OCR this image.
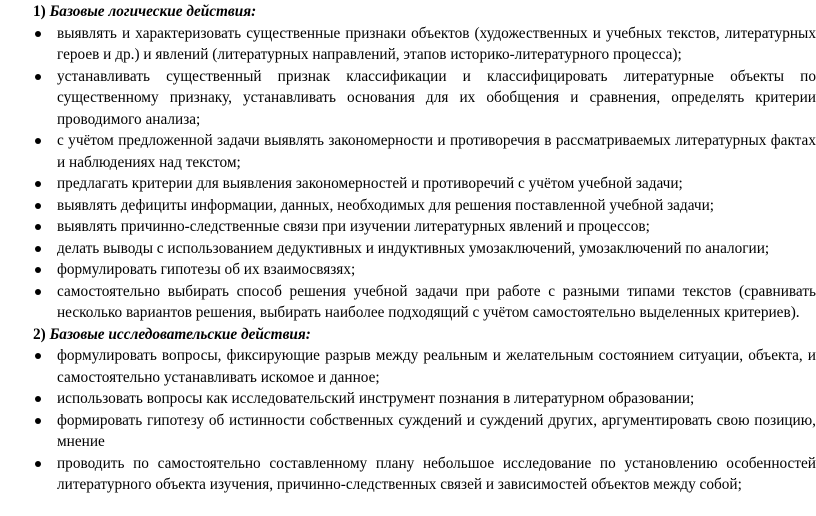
1) Базовые логические действия:

выявлять и характеризовать существенные признаки объектов (художественных и учебных текстов, литературных героев и др.) и явлений (литературных направлений, этапов историко-литературного процесса);
устанавливать существенный признак классификации и классифицировать литературные объекты по существенному признаку, устанавливать основания для их обобщения и сравнения, определять критерии проводимого анализа;
с учётом предложенной задачи выявлять закономерности и противоречия в рассматриваемых литературных фактах и наблюдениях над текстом;
предлагать критерии для выявления закономерностей и противоречий с учётом учебной задачи;
выявлять дефициты информации, данных, необходимых для решения поставленной учебной задачи;
выявлять причинно-следственные связи при изучении литературных явлений и процессов;
делать выводы с использованием дедуктивных и индуктивных умозаключений, умозаключений по аналогии;
формулировать гипотезы об их взаимосвязях;
самостоятельно выбирать способ решения учебной задачи при работе с разными типами текстов (сравнивать несколько вариантов решения, выбирать наиболее подходящий с учётом самостоятельно выделенных критериев).

2) Базовые исследовательские действия:

формулировать вопросы, фиксирующие разрыв между реальным и желательным состоянием ситуации, объекта, и самостоятельно устанавливать искомое и данное;
использовать вопросы как исследовательский инструмент познания в литературном образовании;
формировать гипотезу об истинности собственных суждений и суждений других, аргументировать свою позицию, мнение
проводить по самостоятельно составленному плану небольшое исследование по установлению особенностей литературного объекта изучения, причинно-следственных связей и зависимостей объектов между собой;
